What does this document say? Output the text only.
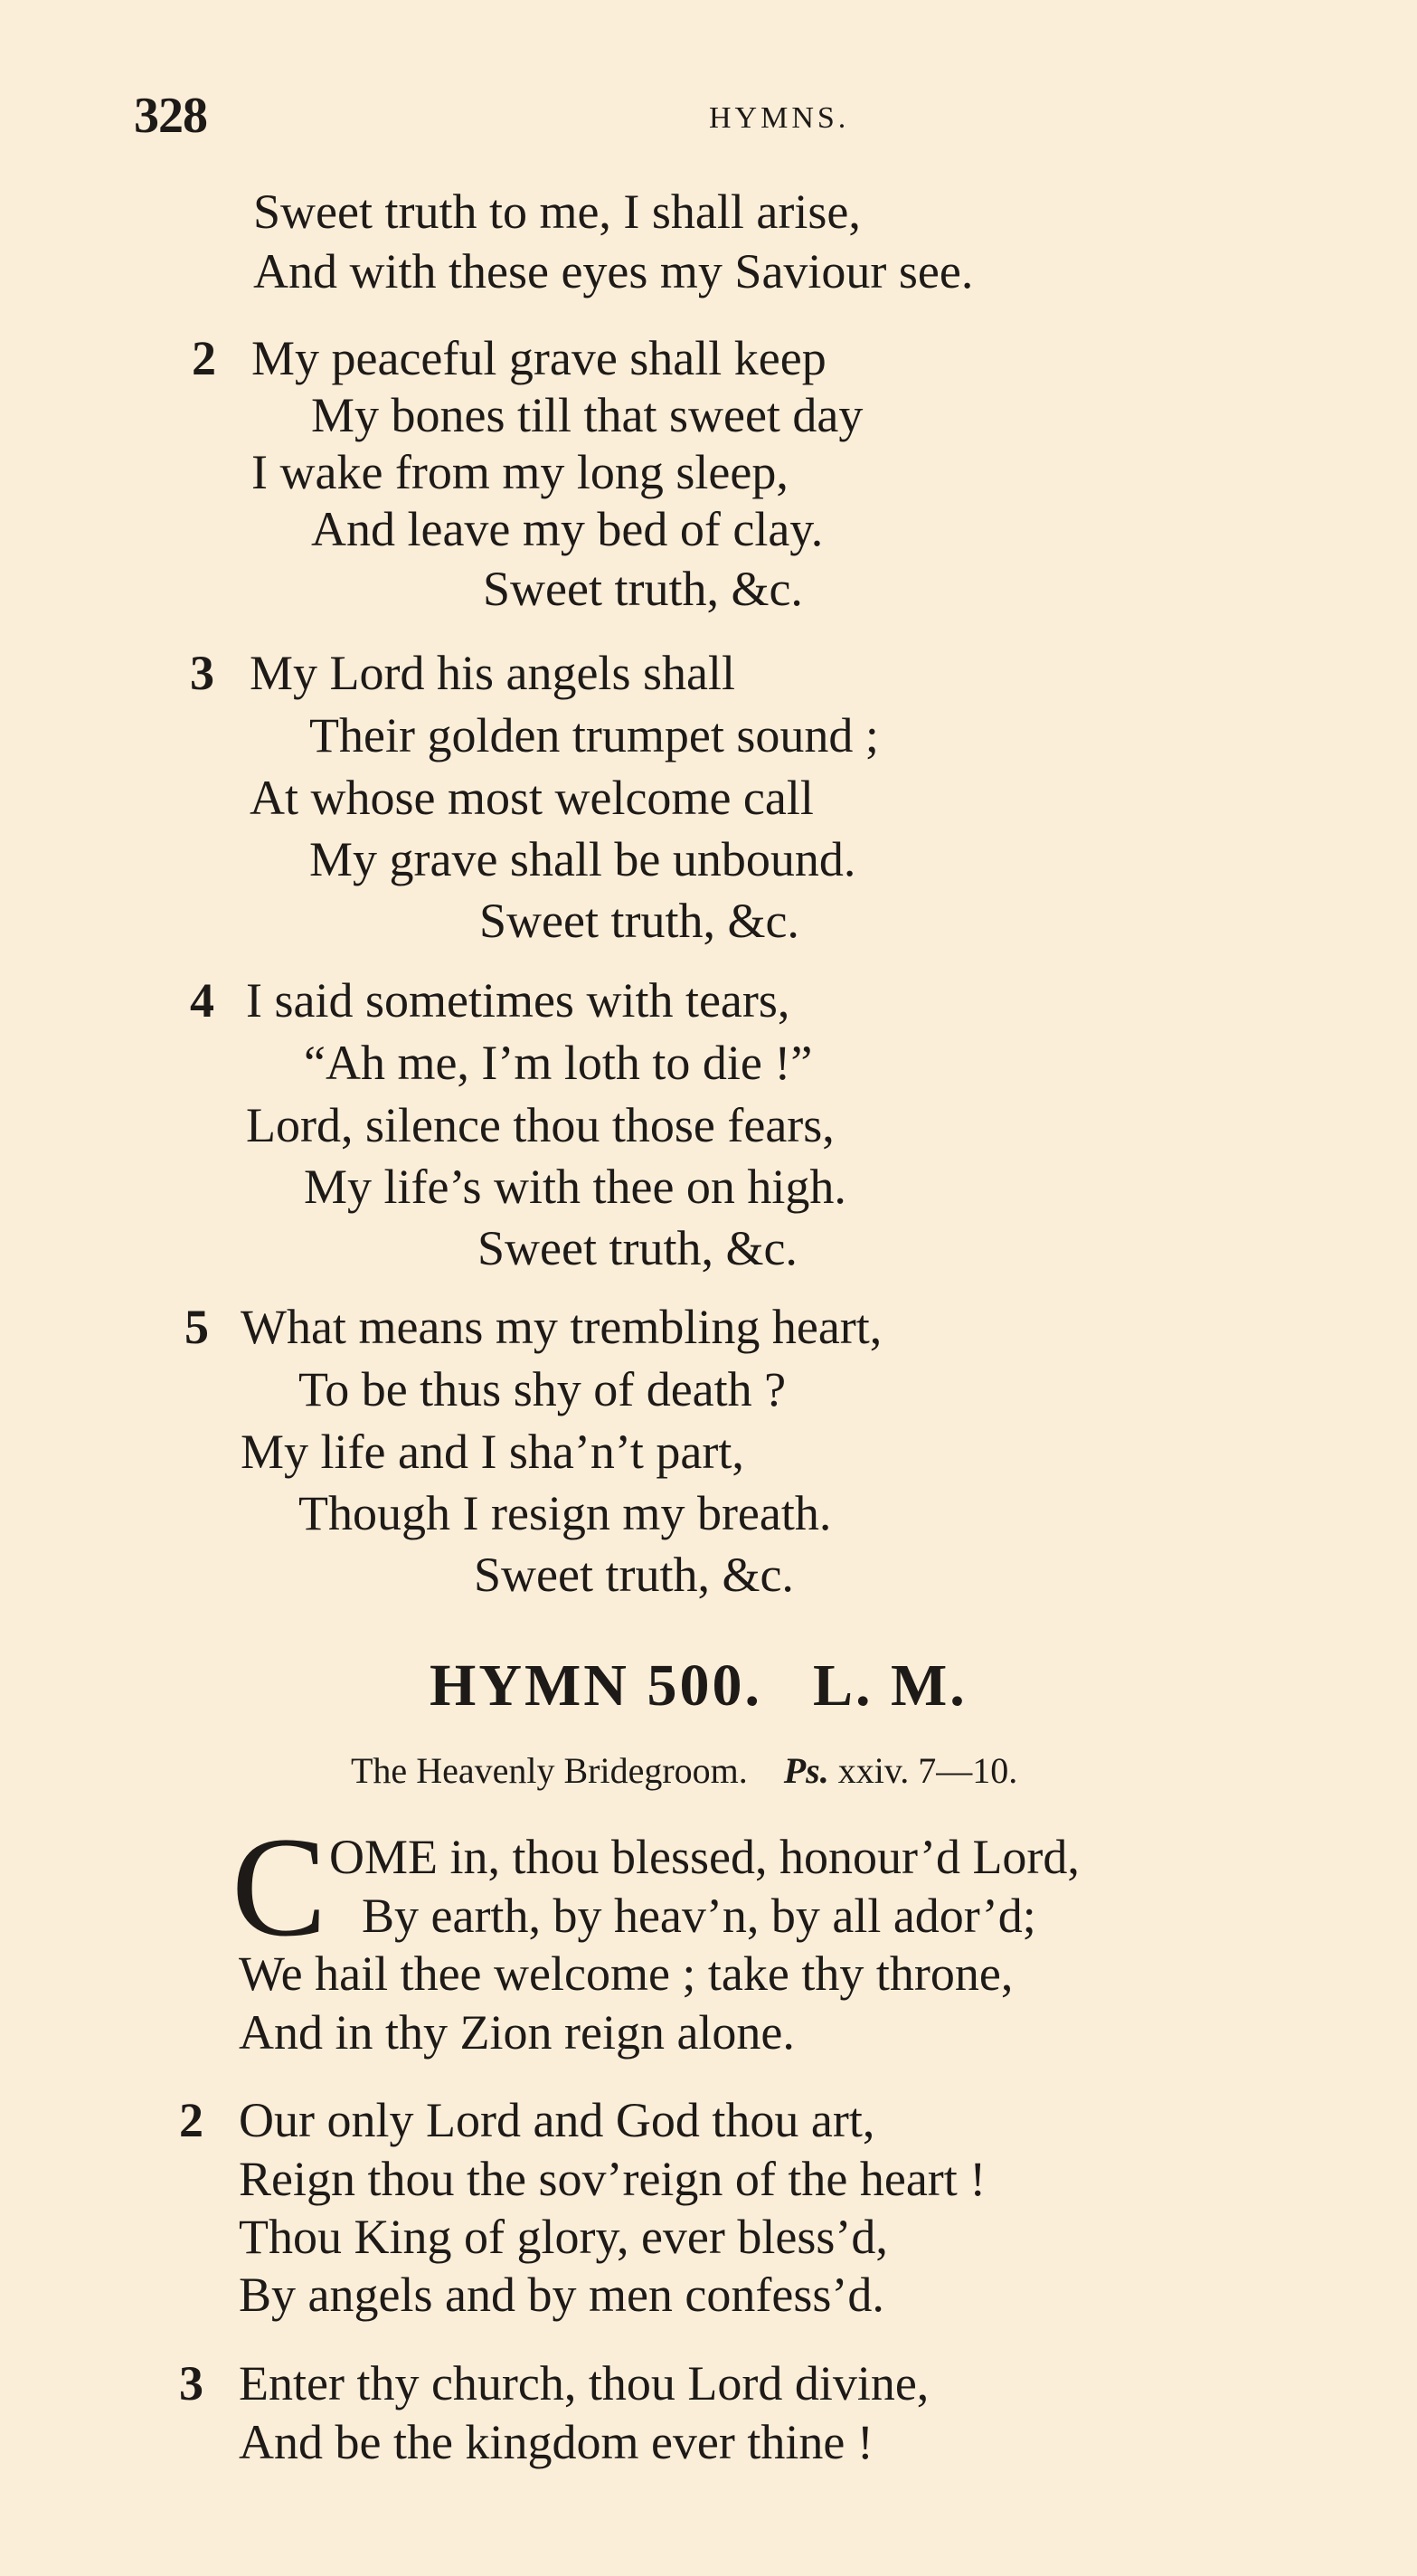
328	HYMNS.
Sweet truth to me, I shall arise,
And with these eyes my Saviour see.
2 My peaceful grave shall keep
My bones till that sweet day
I wake from my long sleep,
And leave my bed of clay.
Sweet truth, &c.
3 My Lord his angels shall
Their golden trumpet sound ;
At whose most welcome call
My grave shall be unbound.
Sweet truth, &c.
4 I said sometimes with tears,
“Ah me, I’m loth to die !”
Lord, silence thou those fears,
My life’s with thee on high.
Sweet truth, &c.
5 What means my trembling heart,
To be thus shy of death ?
My life and I sha’n’t part,
Though I resign my breath.
Sweet truth, &c.
HYMN 500. L. M.
The Heavenly Bridegroom. Ps. xxiv. 7—10.
C OME in, thou blessed, honour’d Lord,
By earth, by heav’n, by all ador’d;
We hail thee welcome ; take thy throne,
And in thy Zion reign alone.
2 Our only Lord and God thou art,
Reign thou the sov’reign of the heart !
Thou King of glory, ever bless’d,
By angels and by men confess’d.
3 Enter thy church, thou Lord divine,
And be the kingdom ever thine !
